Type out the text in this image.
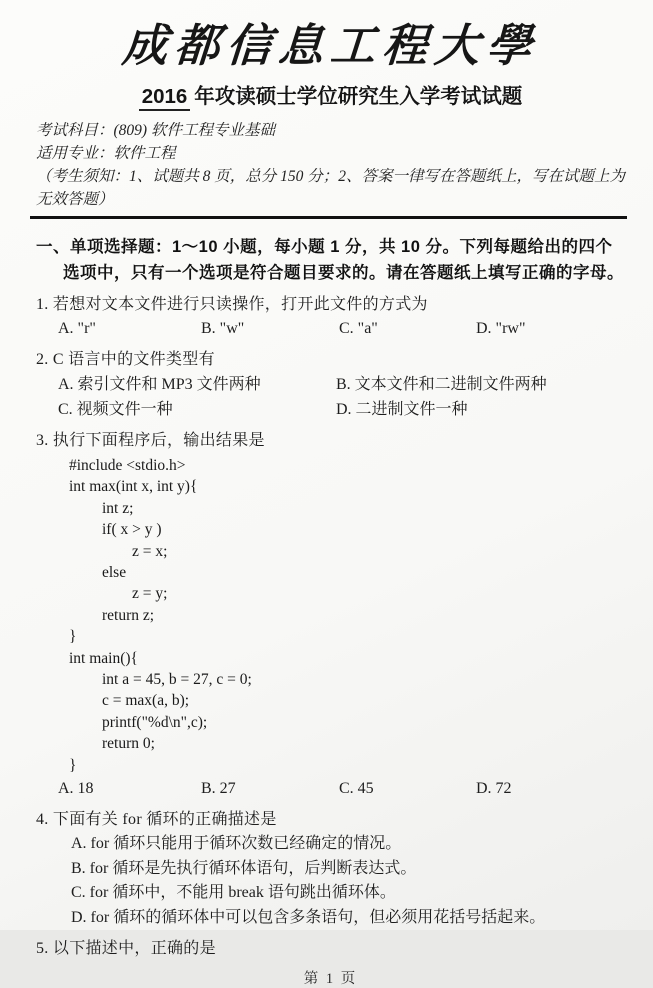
成都信息工程大學
2016 年攻读硕士学位研究生入学考试试题
考试科目：(809) 软件工程专业基础
适用专业：软件工程
（考生须知：1、试题共 8 页，总分 150 分；2、答案一律写在答题纸上，写在试题上为无效答题）
一、单项选择题：1～10 小题，每小题 1 分，共 10 分。下列每题给出的四个选项中，只有一个选项是符合题目要求的。请在答题纸上填写正确的字母。
1. 若想对文本文件进行只读操作，打开此文件的方式为
A. "r"	B. "w"	C. "a"	D. "rw"
2. C 语言中的文件类型有
A. 索引文件和 MP3 文件两种	B. 文本文件和二进制文件两种
C. 视频文件一种	D. 二进制文件一种
3. 执行下面程序后，输出结果是
#include <stdio.h>
int max(int x, int y){
int z;
if( x > y )
z = x;
else
z = y;
return z;
}
int main(){
int a = 45, b = 27, c = 0;
c = max(a, b);
printf("%d\n",c);
return 0;
}
A. 18	B. 27	C. 45	D. 72
4. 下面有关 for 循环的正确描述是
A. for 循环只能用于循环次数已经确定的情况。
B. for 循环是先执行循环体语句，后判断表达式。
C. for 循环中，不能用 break 语句跳出循环体。
D. for 循环的循环体中可以包含多条语句，但必须用花括号括起来。
5. 以下描述中，正确的是
第 1 页
